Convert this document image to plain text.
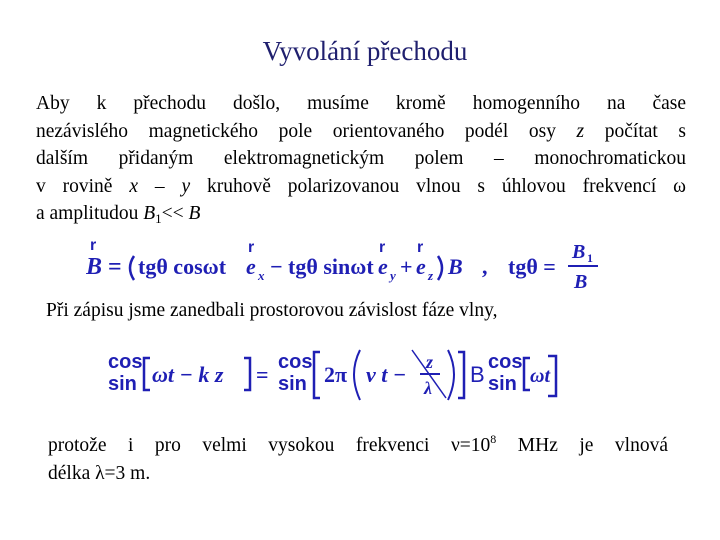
Vyvolání přechodu
Aby k přechodu došlo, musíme kromě homogenního na čase
nezávislého magnetického pole orientovaného podél osy z počítat s
dalším přidaným elektromagnetickým polem – monochromatickou
v rovině x – y kruhově polarizovanou vlnou s úhlovou frekvencí ω
a amplitudou $B_1<< B$
r
B = tgθ cosωt
r
e x − tgθ sinωt
r
e y +
r
e z B , tgθ =
B 1
B
Při zápisu jsme zanedbali prostorovou závislost fáze vlny,
cos
sin ωt − k z = cos
sin 2π ν t − z
λ
B cos
sin ωt
protože i pro velmi vysokou frekvenci $\nu=10^8$ MHz je vlnová
délka λ=3 m.
